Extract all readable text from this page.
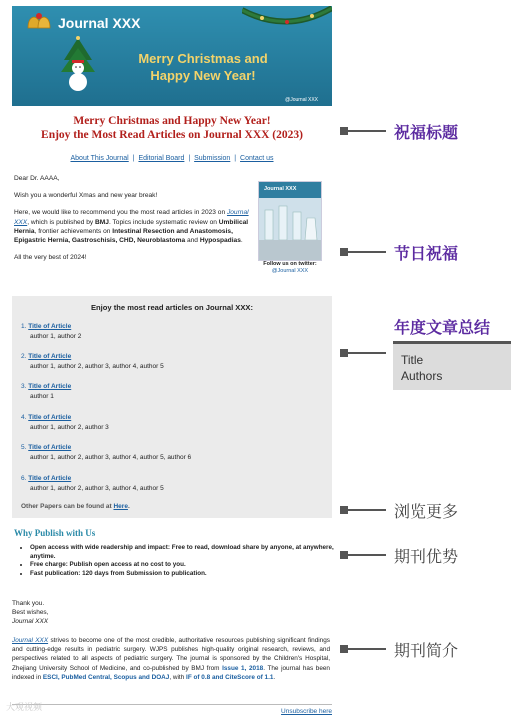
Journal XXX
Merry Christmas and
Happy New Year!
@Journal XXX
Merry Christmas and Happy New Year!
Enjoy the Most Read Articles on Journal XXX (2023)
About This Journal | Editorial Board | Submission | Contact us

Dear Dr. AAAA,

Wish you a wonderful Xmas and new year break!

Here, we would like to recommend you the most read articles in 2023 on Journal XXX, which is published by BMJ. Topics include systematic review on Umbilical Hernia, frontier achievements on Intestinal Resection and Anastomosis, Epigastric Hernia, Gastroschisis, CHD, Neuroblastoma and Hypospadias.

All the very best of 2024!

Journal XXX
Follow us on twitter:
@Journal XXX
Enjoy the most read articles on Journal XXX:
1. Title of Article
author 1, author 2
2. Title of Article
author 1, author 2, author 3, author 4, author 5
3. Title of Article
author 1
4. Title of Article
author 1, author 2, author 3
5. Title of Article
author 1, author 2, author 3, author 4, author 5, author 6
6. Title of Article
author 1, author 2, author 3, author 4, author 5
Other Papers can be found at Here.
Why Publish with Us
• Open access with wide readership and impact: Free to read, download share by anyone, at anywhere, anytime.
• Free charge: Publish open access at no cost to you.
• Fast publication: 120 days from Submission to publication.
Thank you.
Best wishes,
Journal XXX
Journal XXX strives to become one of the most credible, authoritative resources publishing significant findings and cutting-edge results in pediatric surgery. WJPS publishes high-quality original research, reviews, and perspectives related to all aspects of pediatric surgery. The journal is sponsored by the Children's Hospital, Zhejiang University School of Medicine, and co-published by BMJ from Issue 1, 2018. The journal has been indexed in ESCI, PubMed Central, Scopus and DOAJ, with IF of 0.8 and CiteScore of 1.1.
Unsubscribe here
大观视频
祝福标题
节日祝福
年度文章总结
Title
Authors
浏览更多
期刊优势
期刊简介
